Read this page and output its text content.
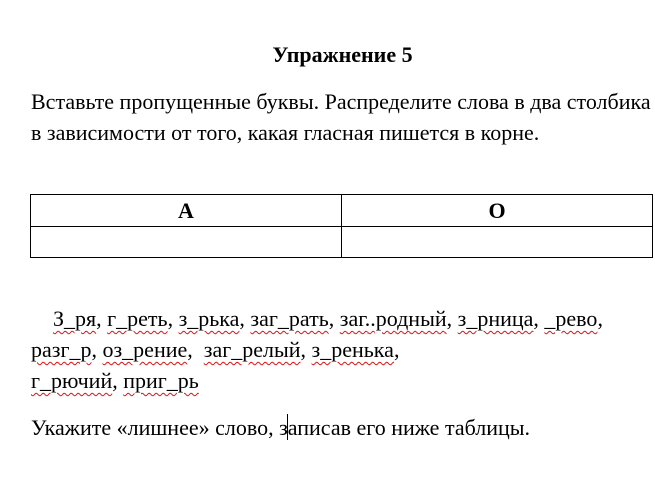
Упражнение 5
Вставьте пропущенные буквы. Распределите слова в два столбика в зависимости от того, какая гласная пишется в корне.
А	О

З_ря, г_реть, з_рька, заг_рать, заг..родный, з_рница, _рево, разг_р, оз_рение,  заг_релый, з_ренька,
г_рючий, приг_рь
Укажите «лишнее» слово, записав его ниже таблицы.
